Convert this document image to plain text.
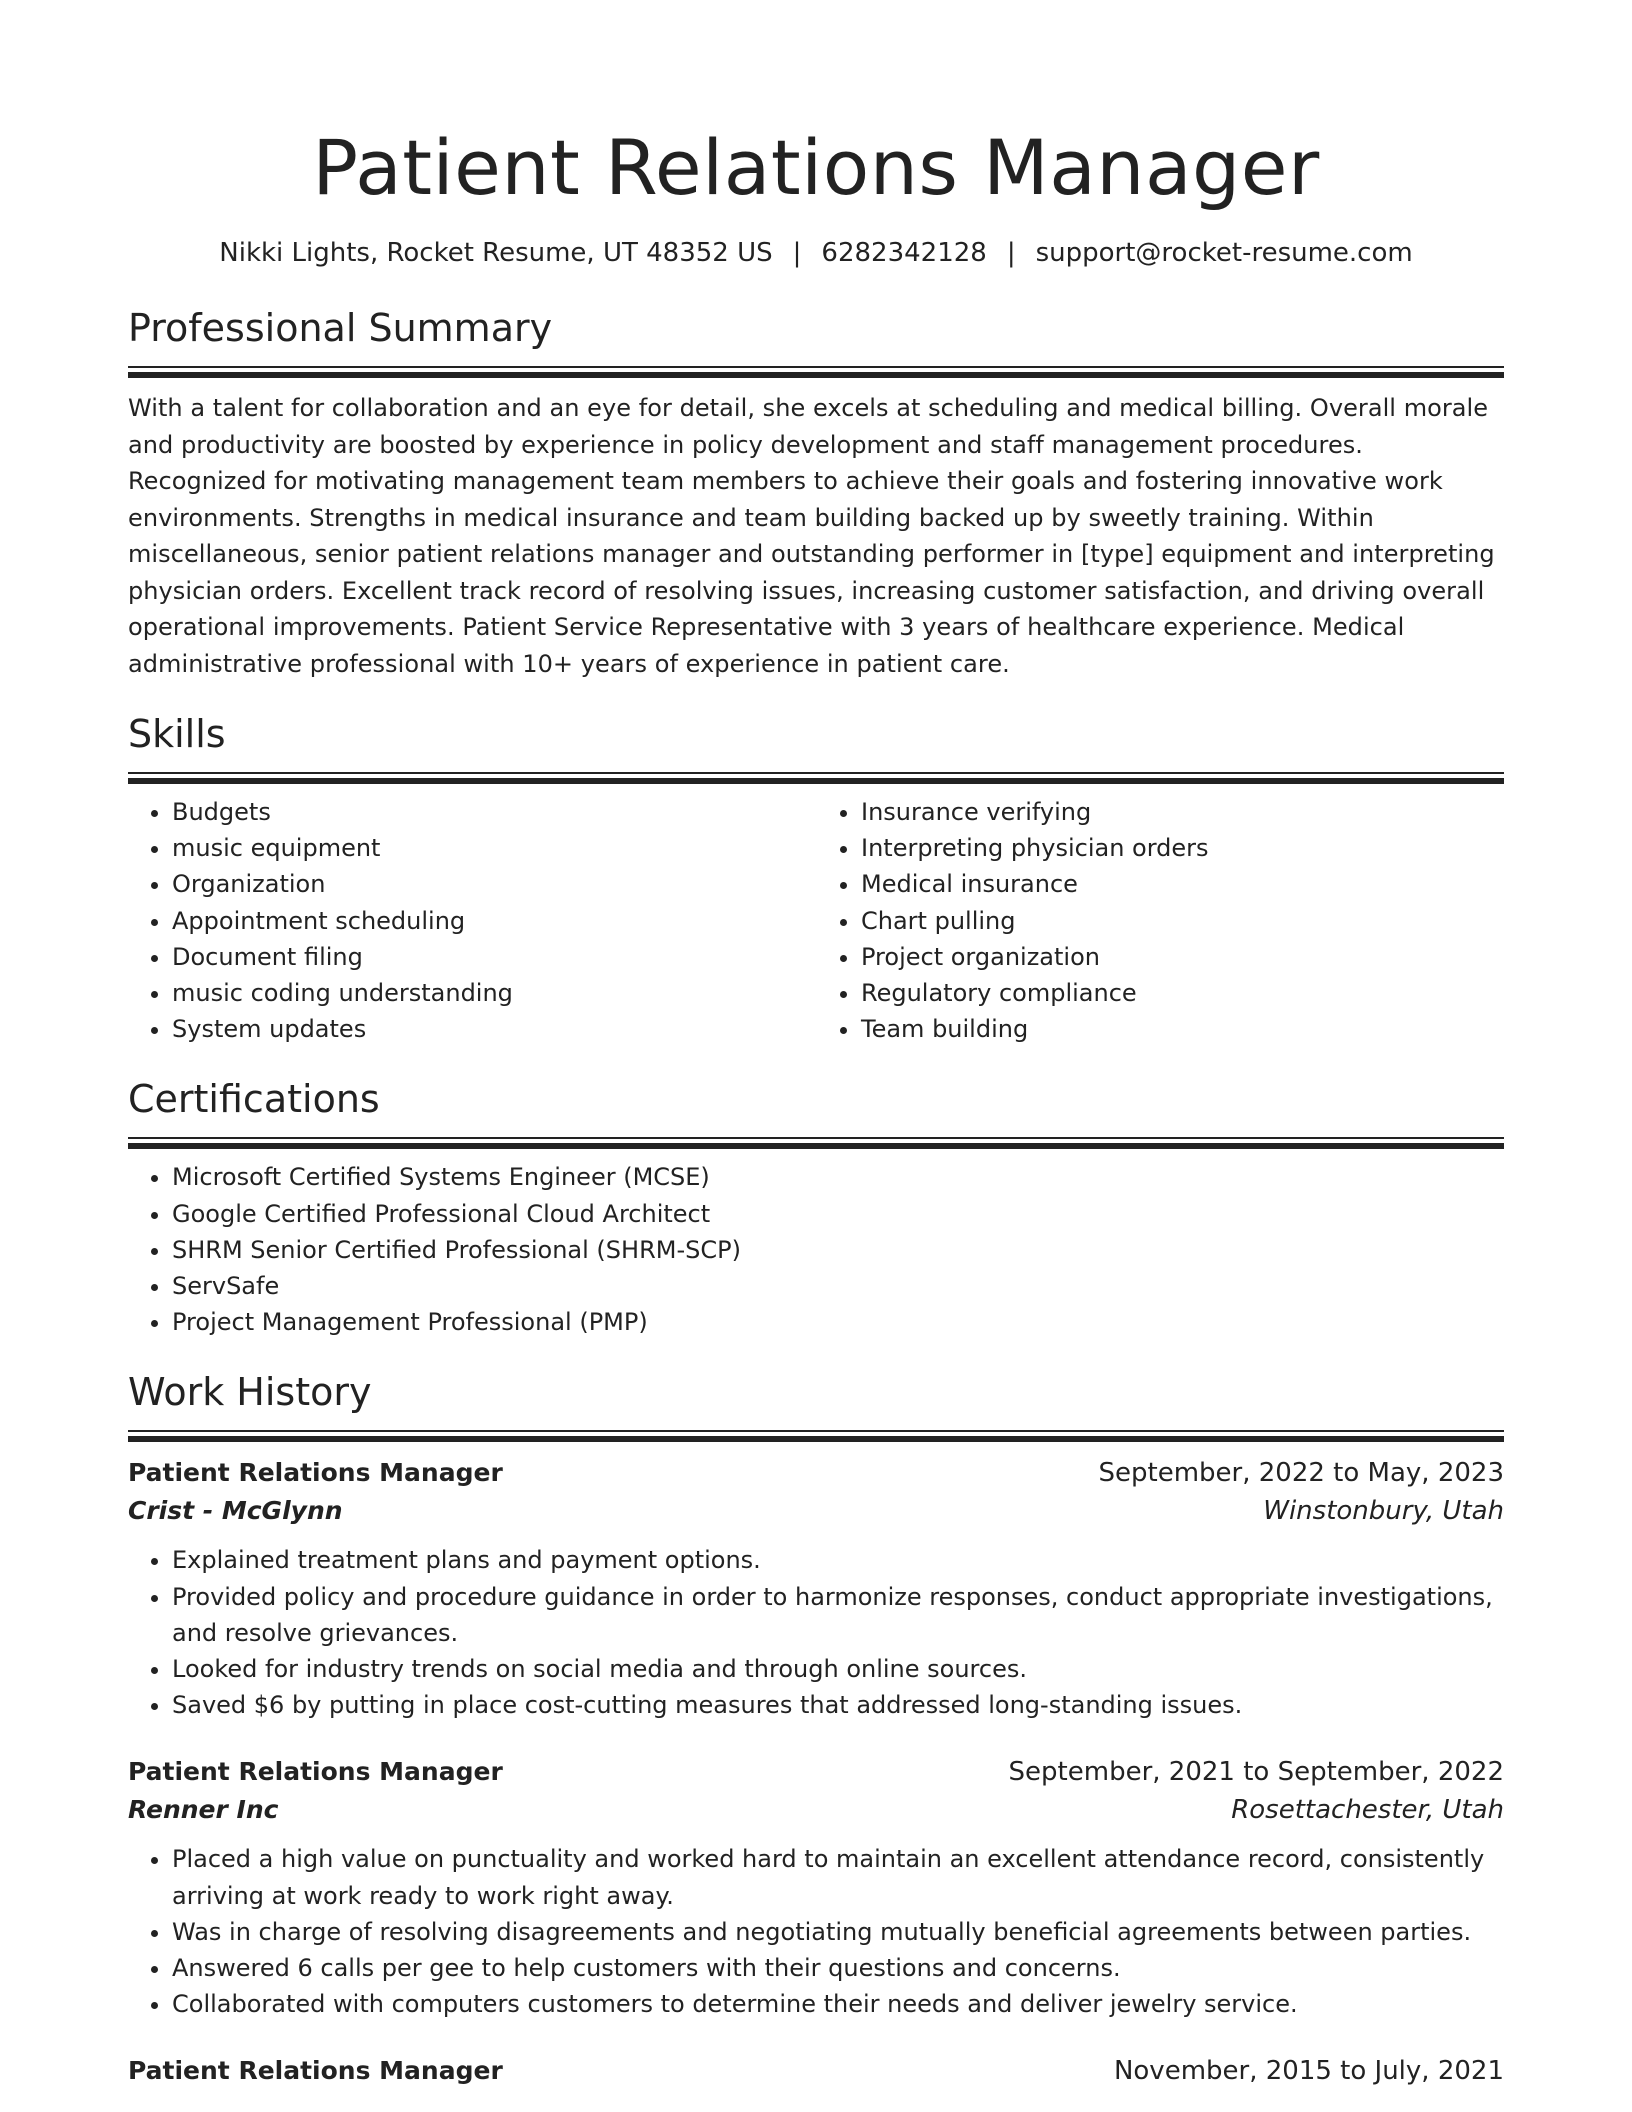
Patient Relations Manager
Nikki Lights, Rocket Resume, UT 48352 US | 6282342128 | support@rocket-resume.com
Professional Summary

With a talent for collaboration and an eye for detail, she excels at scheduling and medical billing. Overall morale and productivity are boosted by experience in policy development and staff management procedures. Recognized for motivating management team members to achieve their goals and fostering innovative work environments. Strengths in medical insurance and team building backed up by sweetly training. Within miscellaneous, senior patient relations manager and outstanding performer in [type] equipment and interpreting physician orders. Excellent track record of resolving issues, increasing customer satisfaction, and driving overall operational improvements. Patient Service Representative with 3 years of healthcare experience. Medical administrative professional with 10+ years of experience in patient care.

Skills
• Budgets
• music equipment
• Organization
• Appointment scheduling
• Document filing
• music coding understanding
• System updates
• Insurance verifying
• Interpreting physician orders
• Medical insurance
• Chart pulling
• Project organization
• Regulatory compliance
• Team building
Certifications
• Microsoft Certified Systems Engineer (MCSE)
• Google Certified Professional Cloud Architect
• SHRM Senior Certified Professional (SHRM-SCP)
• ServSafe
• Project Management Professional (PMP)
Work History
Patient Relations Manager	September, 2022 to May, 2023
Crist - McGlynn	Winstonbury, Utah
• Explained treatment plans and payment options.
• Provided policy and procedure guidance in order to harmonize responses, conduct appropriate investigations, and resolve grievances.
• Looked for industry trends on social media and through online sources.
• Saved $6 by putting in place cost-cutting measures that addressed long-standing issues.
Patient Relations Manager	September, 2021 to September, 2022
Renner Inc	Rosettachester, Utah
• Placed a high value on punctuality and worked hard to maintain an excellent attendance record, consistently arriving at work ready to work right away.
• Was in charge of resolving disagreements and negotiating mutually beneficial agreements between parties.
• Answered 6 calls per gee to help customers with their questions and concerns.
• Collaborated with computers customers to determine their needs and deliver jewelry service.
Patient Relations Manager	November, 2015 to July, 2021
